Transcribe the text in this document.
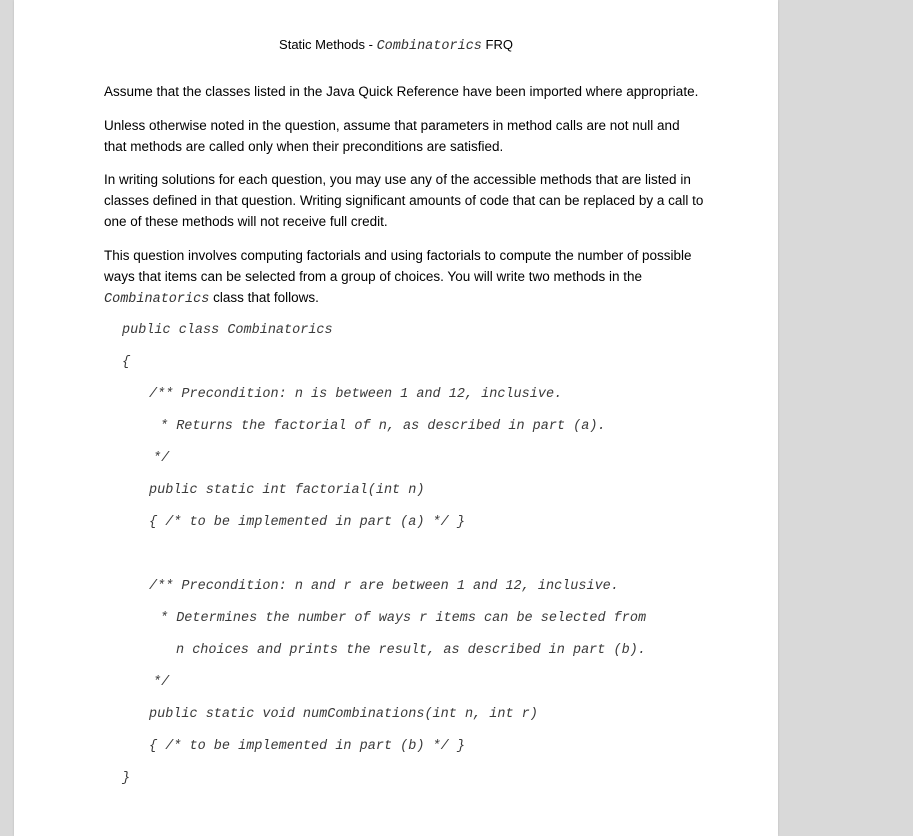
Static Methods - Combinatorics FRQ

Assume that the classes listed in the Java Quick Reference have been imported where appropriate.

Unless otherwise noted in the question, assume that parameters in method calls are not null and
that methods are called only when their preconditions are satisfied.

In writing solutions for each question, you may use any of the accessible methods that are listed in
classes defined in that question. Writing significant amounts of code that can be replaced by a call to
one of these methods will not receive full credit.

This question involves computing factorials and using factorials to compute the number of possible
ways that items can be selected from a group of choices. You will write two methods in the
Combinatorics class that follows.

public class Combinatorics
{
/** Precondition: n is between 1 and 12, inclusive.
* Returns the factorial of n, as described in part (a).
*/
public static int factorial(int n)
{ /* to be implemented in part (a) */ }
/** Precondition: n and r are between 1 and 12, inclusive.
* Determines the number of ways r items can be selected from
n choices and prints the result, as described in part (b).
*/
public static void numCombinations(int n, int r)
{ /* to be implemented in part (b) */ }
}
